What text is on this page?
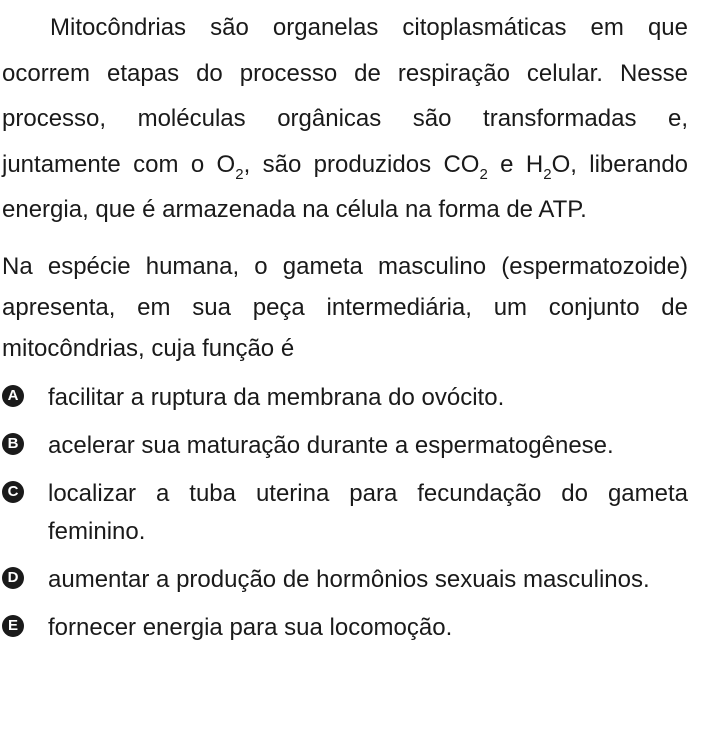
Mitocôndrias são organelas citoplasmáticas em que ocorrem etapas do processo de respiração celular. Nesse processo, moléculas orgânicas são transformadas e, juntamente com o $O_2$, são produzidos $CO_2$ e $H_2O$, liberando energia, que é armazenada na célula na forma de ATP.

Na espécie humana, o gameta masculino (espermatozoide) apresenta, em sua peça intermediária, um conjunto de mitocôndrias, cuja função é

A facilitar a ruptura da membrana do ovócito.
B acelerar sua maturação durante a espermatogênese.
C localizar a tuba uterina para fecundação do gameta feminino.
D aumentar a produção de hormônios sexuais masculinos.
E fornecer energia para sua locomoção.
